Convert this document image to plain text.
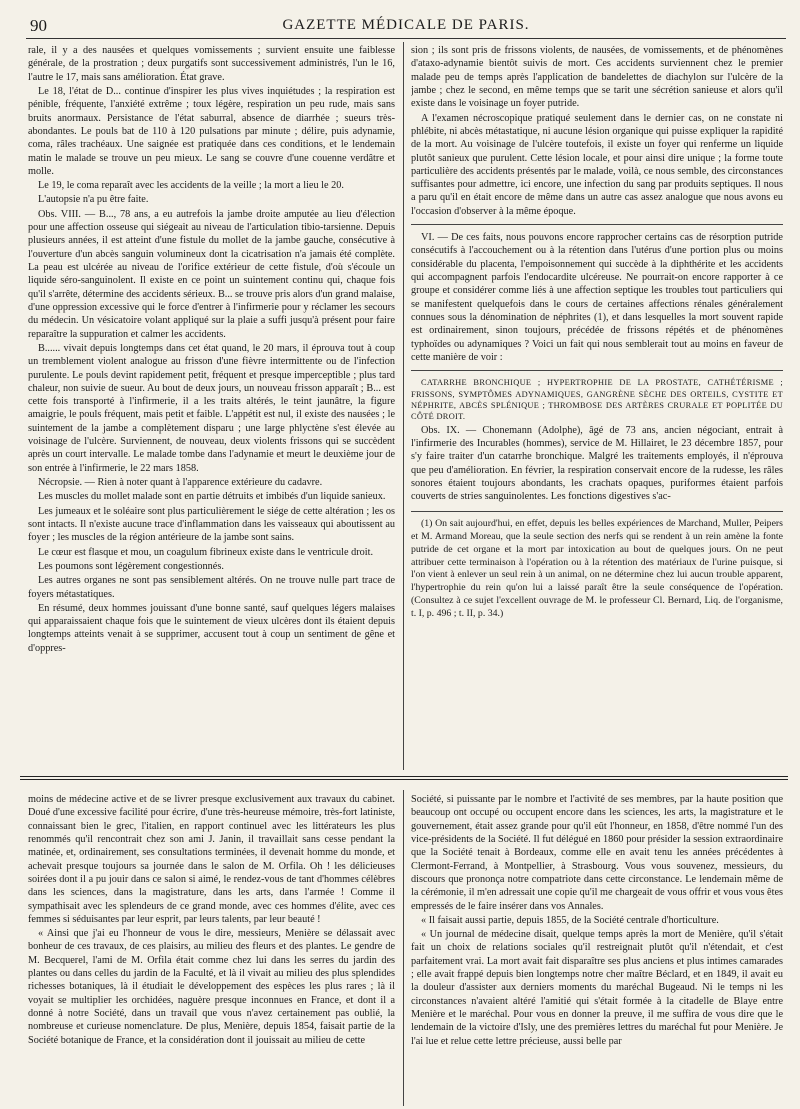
90	GAZETTE MÉDICALE DE PARIS.

rale, il y a des nausées et quelques vomissements ; survient ensuite une faiblesse générale, de la prostration ; deux purgatifs sont successivement administrés, l'un le 16, l'autre le 17, mais sans amélioration. État grave.

Le 18, l'état de D... continue d'inspirer les plus vives inquiétudes ; la respiration est pénible, fréquente, l'anxiété extrême ; toux légère, respiration un peu rude, mais sans bruits anormaux. Persistance de l'état saburral, absence de diarrhée ; sueurs très-abondantes. Le pouls bat de 110 à 120 pulsations par minute ; délire, puis adynamie, coma, râles trachéaux. Une saignée est pratiquée dans ces conditions, et le lendemain matin le malade se trouve un peu mieux. Le sang se couvre d'une couenne verdâtre et molle.

Le 19, le coma reparaît avec les accidents de la veille ; la mort a lieu le 20.

L'autopsie n'a pu être faite.

Obs. VIII. — B..., 78 ans, a eu autrefois la jambe droite amputée au lieu d'élection pour une affection osseuse qui siégeait au niveau de l'articulation tibio-tarsienne. Depuis plusieurs années, il est atteint d'une fistule du mollet de la jambe gauche, consécutive à l'ouverture d'un abcès sanguin volumineux dont la cicatrisation n'a jamais été complète. La peau est ulcérée au niveau de l'orifice extérieur de cette fistule, d'où s'écoule un liquide séro-sanguinolent. Il existe en ce point un suintement continu qui, chaque fois qu'il s'arrête, détermine des accidents sérieux. B... se trouve pris alors d'un grand malaise, d'une oppression excessive qui le force d'entrer à l'infirmerie pour y réclamer les secours du médecin. Un vésicatoire volant appliqué sur la plaie a suffi jusqu'à présent pour faire reparaître la suppuration et calmer les accidents.

B...... vivait depuis longtemps dans cet état quand, le 20 mars, il éprouva tout à coup un tremblement violent analogue au frisson d'une fièvre intermittente ou de l'infection purulente. Le pouls devint rapidement petit, fréquent et presque imperceptible ; plus tard chaleur, non suivie de sueur. Au bout de deux jours, un nouveau frisson apparaît ; B... est cette fois transporté à l'infirmerie, il a les traits altérés, le teint jaunâtre, la figure amaigrie, le pouls fréquent, mais petit et faible. L'appétit est nul, il existe des nausées ; le suintement de la jambe a complètement disparu ; une large phlyctène s'est élevée au voisinage de l'ulcère. Surviennent, de nouveau, deux violents frissons qui se succèdent après un court intervalle. Le malade tombe dans l'adynamie et meurt le deuxième jour de son entrée à l'infirmerie, le 22 mars 1858.

Nécropsie. — Rien à noter quant à l'apparence extérieure du cadavre.

Les muscles du mollet malade sont en partie détruits et imbibés d'un liquide sanieux.

Les jumeaux et le soléaire sont plus particulièrement le siége de cette altération ; les os sont intacts. Il n'existe aucune trace d'inflammation dans les vaisseaux qui aboutissent au foyer ; les muscles de la région antérieure de la jambe sont sains.

Le cœur est flasque et mou, un coagulum fibrineux existe dans le ventricule droit.

Les poumons sont légèrement congestionnés.

Les autres organes ne sont pas sensiblement altérés. On ne trouve nulle part trace de foyers métastatiques.

En résumé, deux hommes jouissant d'une bonne santé, sauf quelques légers malaises qui apparaissaient chaque fois que le suintement de vieux ulcères dont ils étaient depuis longtemps atteints venait à se supprimer, accusent tout à coup un sentiment de gêne et d'oppres-

sion ; ils sont pris de frissons violents, de nausées, de vomissements, et de phénomènes d'ataxo-adynamie bientôt suivis de mort. Ces accidents surviennent chez le premier malade peu de temps après l'application de bandelettes de diachylon sur l'ulcère de la jambe ; chez le second, en même temps que se tarit une sécrétion sanieuse et alors qu'il existe dans le voisinage un foyer putride.

A l'examen nécroscopique pratiqué seulement dans le dernier cas, on ne constate ni phlébite, ni abcès métastatique, ni aucune lésion organique qui puisse expliquer la rapidité de la mort. Au voisinage de l'ulcère toutefois, il existe un foyer qui renferme un liquide plutôt sanieux que purulent. Cette lésion locale, et pour ainsi dire unique ; la forme toute particulière des accidents présentés par le malade, voilà, ce nous semble, des circonstances suffisantes pour admettre, ici encore, une infection du sang par produits septiques. Il nous a paru qu'il en était encore de même dans un autre cas assez analogue que nous avons eu l'occasion d'observer à la même époque.

VI. — De ces faits, nous pouvons encore rapprocher certains cas de résorption putride consécutifs à l'accouchement ou à la rétention dans l'utérus d'une portion plus ou moins considérable du placenta, l'empoisonnement qui succède à la diphthérite et les accidents qui accompagnent parfois l'endocardite ulcéreuse. Ne pourrait-on encore rapporter à ce groupe et considérer comme liés à une affection septique les troubles tout particuliers qui se manifestent quelquefois dans le cours de certaines affections rénales généralement connues sous la dénomination de néphrites (1), et dans lesquelles la mort souvent rapide est ordinairement, sinon toujours, précédée de frissons répétés et de phénomènes typhoïdes ou adynamiques ? Voici un fait qui nous semblerait tout au moins en faveur de cette manière de voir :

CATARRHE BRONCHIQUE ; HYPERTROPHIE DE LA PROSTATE, CATHÉTÉRISME ; FRISSONS, SYMPTÔMES ADYNAMIQUES, GANGRÈNE SÈCHE DES ORTEILS, CYSTITE ET NÉPHRITE, ABCÈS SPLÉNIQUE ; THROMBOSE DES ARTÈRES CRURALE ET POPLITÉE DU CÔTÉ DROIT.

Obs. IX. — Chonemann (Adolphe), âgé de 73 ans, ancien négociant, entrait à l'infirmerie des Incurables (hommes), service de M. Hillairet, le 23 décembre 1857, pour s'y faire traiter d'un catarrhe bronchique. Malgré les traitements employés, il n'éprouva que peu d'amélioration. En février, la respiration conservait encore de la rudesse, les râles sonores étaient toujours abondants, les crachats opaques, puriformes étaient parfois couverts de stries sanguinolentes. Les fonctions digestives s'ac-

(1) On sait aujourd'hui, en effet, depuis les belles expériences de Marchand, Muller, Peipers et M. Armand Moreau, que la seule section des nerfs qui se rendent à un rein amène la fonte putride de cet organe et la mort par intoxication au bout de quelques jours. On ne peut attribuer cette terminaison à l'opération ou à la rétention des matériaux de l'urine puisque, si l'on vient à enlever un seul rein à un animal, on ne détermine chez lui aucun trouble apparent, l'hypertrophie du rein qu'on lui a laissé paraît être la seule conséquence de l'opération. (Consultez à ce sujet l'excellent ouvrage de M. le professeur Cl. Bernard, Liq. de l'organisme, t. I, p. 496 ; t. II, p. 34.)

moins de médecine active et de se livrer presque exclusivement aux travaux du cabinet. Doué d'une excessive facilité pour écrire, d'une très-heureuse mémoire, très-fort latiniste, connaissant bien le grec, l'italien, en rapport continuel avec les littérateurs les plus renommés qu'il rencontrait chez son ami J. Janin, il travaillait sans cesse pendant la matinée, et, ordinairement, ses consultations terminées, il devenait homme du monde, et achevait presque toujours sa journée dans le salon de M. Orfila. Oh ! les délicieuses soirées dont il a pu jouir dans ce salon si aimé, le rendez-vous de tant d'hommes célèbres dans les sciences, dans la magistrature, dans les arts, dans l'armée ! Comme il sympathisait avec les splendeurs de ce grand monde, avec ces hommes d'élite, avec ces femmes si séduisantes par leur esprit, par leurs talents, par leur beauté !

« Ainsi que j'ai eu l'honneur de vous le dire, messieurs, Menière se délassait avec bonheur de ces travaux, de ces plaisirs, au milieu des fleurs et des plantes. Le gendre de M. Becquerel, l'ami de M. Orfila était comme chez lui dans les serres du jardin des plantes ou dans celles du jardin de la Faculté, et là il vivait au milieu des plus splendides richesses botaniques, là il étudiait le développement des espèces les plus rares ; là il voyait se multiplier les orchidées, naguère presque inconnues en France, et dont il a donné à notre Société, dans un travail que vous n'avez certainement pas oublié, la nombreuse et curieuse nomenclature. De plus, Menière, depuis 1854, faisait partie de la Société botanique de France, et la considération dont il jouissait au milieu de cette

Société, si puissante par le nombre et l'activité de ses membres, par la haute position que beaucoup ont occupé ou occupent encore dans les sciences, les arts, la magistrature et le gouvernement, était assez grande pour qu'il eût l'honneur, en 1858, d'être nommé l'un des vice-présidents de la Société. Il fut délégué en 1860 pour présider la session extraordinaire que la Société tenait à Bordeaux, comme elle en avait tenu les années précédentes à Clermont-Ferrand, à Montpellier, à Strasbourg. Vous vous souvenez, messieurs, du discours que prononça notre compatriote dans cette circonstance. Le lendemain même de la cérémonie, il m'en adressait une copie qu'il me chargeait de vous offrir et vous vous êtes empressés de le faire insérer dans vos Annales.

« Il faisait aussi partie, depuis 1855, de la Société centrale d'horticulture.

« Un journal de médecine disait, quelque temps après la mort de Menière, qu'il s'était fait un choix de relations sociales qu'il restreignait plutôt qu'il n'étendait, et c'est parfaitement vrai. La mort avait fait disparaître ses plus anciens et plus intimes camarades ; elle avait frappé depuis bien longtemps notre cher maître Béclard, et en 1849, il avait eu la douleur d'assister aux derniers moments du maréchal Bugeaud. Ni le temps ni les circonstances n'avaient altéré l'amitié qui s'était formée à la citadelle de Blaye entre Menière et le maréchal. Pour vous en donner la preuve, il me suffira de vous dire que le lendemain de la victoire d'Isly, une des premières lettres du maréchal fut pour Menière. Je l'ai lue et relue cette lettre précieuse, aussi belle par
